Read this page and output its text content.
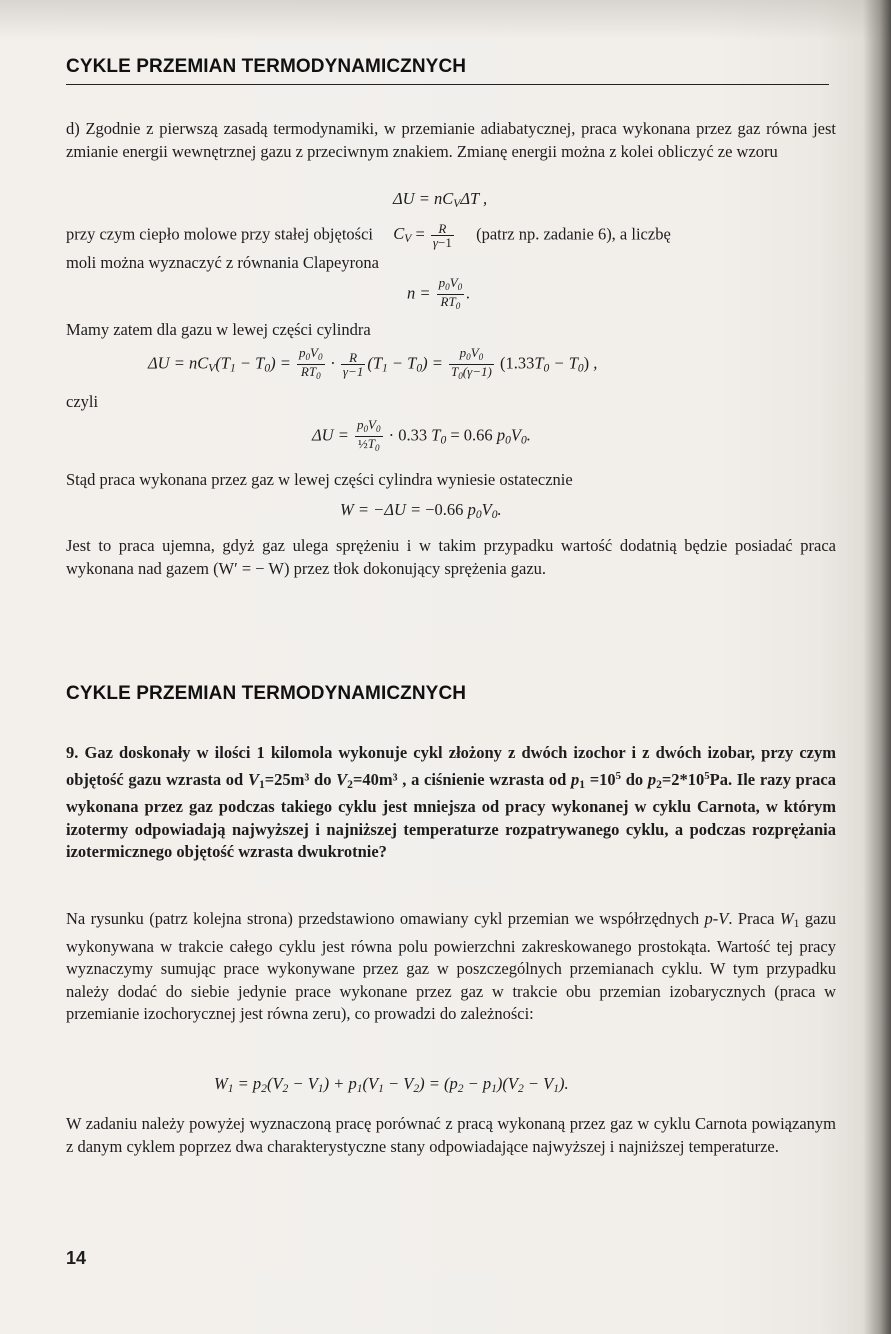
CYKLE PRZEMIAN TERMODYNAMICZNYCH
d) Zgodnie z pierwszą zasadą termodynamiki, w przemianie adiabatycznej, praca wykonana przez gaz równa jest zmianie energii wewnętrznej gazu z przeciwnym znakiem. Zmianę energii można z kolei obliczyć ze wzoru
$\Delta U = nC_V\Delta T$ ,
przy czym ciepło molowe przy stałej objętości $C_V = \frac{R}{\gamma-1}$ (patrz np. zadanie 6), a liczbę
moli można wyznaczyć z równania Clapeyrona
$n = \frac{p_0V_0}{RT_0}$ .
Mamy zatem dla gazu w lewej części cylindra
$\Delta U = nC_V(T_1 - T_0) = \frac{p_0V_0}{RT_0} \cdot \frac{R}{\gamma-1} (T_1 - T_0) = \frac{p_0V_0}{T_0(\gamma-1)} (1.33T_0 - T_0)$ ,
czyli
$\Delta U = \frac{p_0V_0}{\frac{1}{2}T_0} \cdot 0.33$ $T_0 = 0.66$ $p_0V_0$.
Stąd praca wykonana przez gaz w lewej części cylindra wyniesie ostatecznie
W = −ΔU = −0.66 $p_0V_0$.
Jest to praca ujemna, gdyż gaz ulega sprężeniu i w takim przypadku wartość dodatnią będzie posiadać praca wykonana nad gazem (W′ = − W) przez tłok dokonujący sprężenia gazu.
CYKLE PRZEMIAN TERMODYNAMICZNYCH
9. Gaz doskonały w ilości 1 kilomola wykonuje cykl złożony z dwóch izochor i z dwóch izobar, przy czym objętość gazu wzrasta od $V_1=25m^3$ do $V_2=40m^3$ , a ciśnienie wzrasta od $p_1 =10^5$ do $p_2=2*10^5Pa$. Ile razy praca wykonana przez gaz podczas takiego cyklu jest mniejsza od pracy wykonanej w cyklu Carnota, w którym izotermy odpowiadają najwyższej i najniższej temperaturze rozpatrywanego cyklu, a podczas rozprężania izotermicznego objętość wzrasta dwukrotnie?
Na rysunku (patrz kolejna strona) przedstawiono omawiany cykl przemian we współrzędnych p-V. Praca $W_1$ gazu wykonywana w trakcie całego cyklu jest równa polu powierzchni zakreskowanego prostokąta. Wartość tej pracy wyznaczymy sumując prace wykonywane przez gaz w poszczególnych przemianach cyklu. W tym przypadku należy dodać do siebie jedynie prace wykonane przez gaz w trakcie obu przemian izobarycznych (praca w przemianie izochorycznej jest równa zeru), co prowadzi do zależności:
$W_1 = p_2(V_2 - V_1) + p_1(V_1 - V_2) = (p_2 - p_1)(V_2 - V_1)$.
W zadaniu należy powyżej wyznaczoną pracę porównać z pracą wykonaną przez gaz w cyklu Carnota powiązanym z danym cyklem poprzez dwa charakterystyczne stany odpowiadające najwyższej i najniższej temperaturze.
14
